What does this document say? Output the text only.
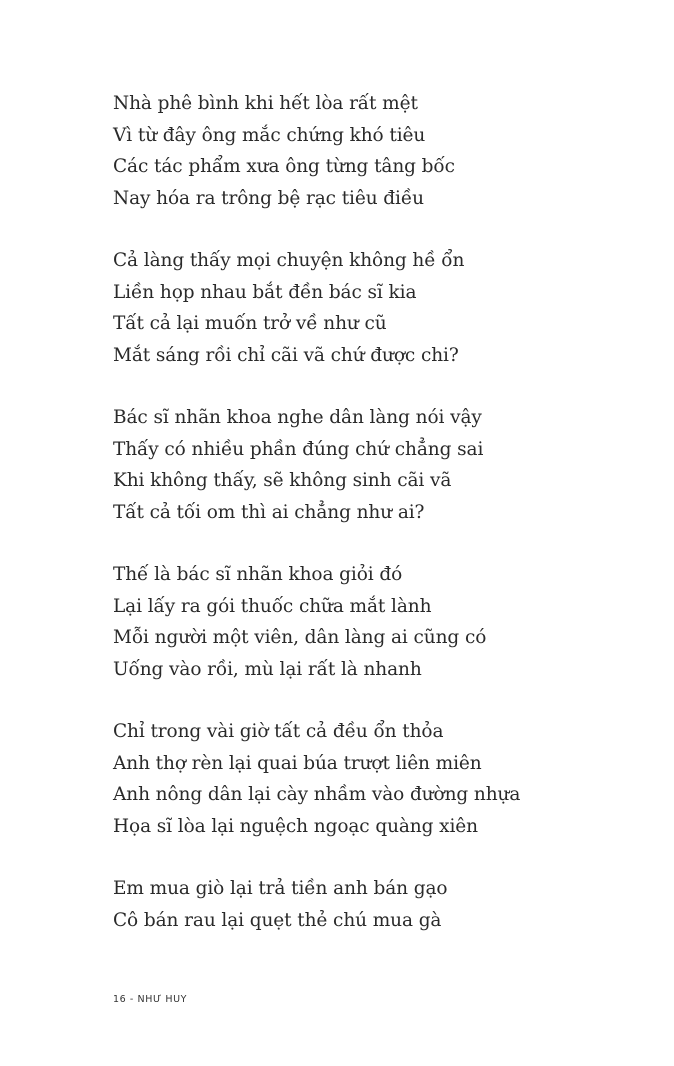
Nhà phê bình khi hết lòa rất mệt
Vì từ đây ông mắc chứng khó tiêu
Các tác phẩm xưa ông từng tâng bốc
Nay hóa ra trông bệ rạc tiêu điều
Cả làng thấy mọi chuyện không hề ổn
Liền họp nhau bắt đền bác sĩ kia
Tất cả lại muốn trở về như cũ
Mắt sáng rồi chỉ cãi vã chứ được chi?
Bác sĩ nhãn khoa nghe dân làng nói vậy
Thấy có nhiều phần đúng chứ chẳng sai
Khi không thấy, sẽ không sinh cãi vã
Tất cả tối om thì ai chẳng như ai?
Thế là bác sĩ nhãn khoa giỏi đó
Lại lấy ra gói thuốc chữa mắt lành
Mỗi người một viên, dân làng ai cũng có
Uống vào rồi, mù lại rất là nhanh
Chỉ trong vài giờ tất cả đều ổn thỏa
Anh thợ rèn lại quai búa trượt liên miên
Anh nông dân lại cày nhầm vào đường nhựa
Họa sĩ lòa lại nguệch ngoạc quàng xiên
Em mua giò lại trả tiền anh bán gạo
Cô bán rau lại quẹt thẻ chú mua gà
16 - NHƯ HUY
